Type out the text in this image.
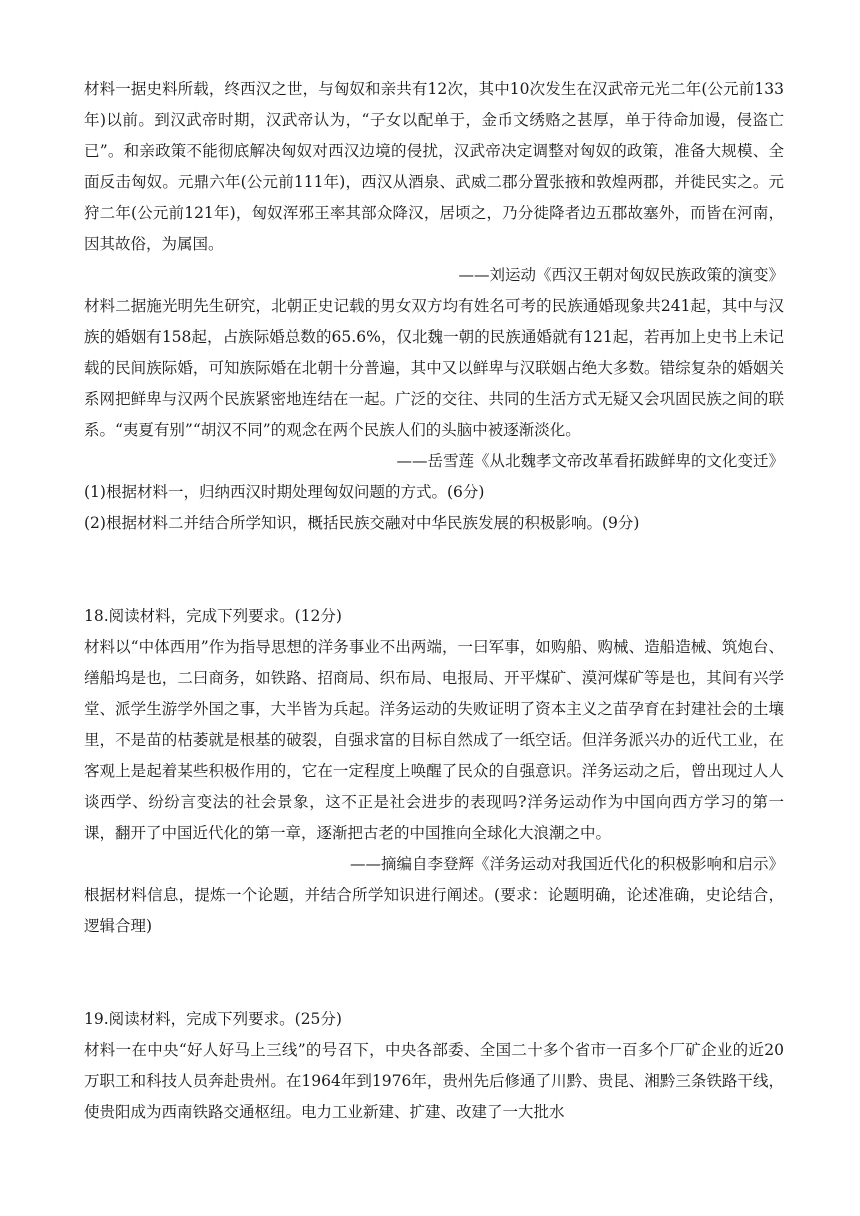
材料一据史料所载，终西汉之世，与匈奴和亲共有12次，其中10次发生在汉武帝元光二年(公元前133年)以前。到汉武帝时期，汉武帝认为，“子女以配单于，金币文绣赂之甚厚，单于待命加谩，侵盗亡已”。和亲政策不能彻底解决匈奴对西汉边境的侵扰，汉武帝决定调整对匈奴的政策，准备大规模、全面反击匈奴。元鼎六年(公元前111年)，西汉从酒泉、武威二郡分置张掖和敦煌两郡，并徙民实之。元狩二年(公元前121年)，匈奴浑邪王率其部众降汉，居顷之，乃分徙降者边五郡故塞外，而皆在河南，因其故俗，为属国。

——刘运动《西汉王朝对匈奴民族政策的演变》

材料二据施光明先生研究，北朝正史记载的男女双方均有姓名可考的民族通婚现象共241起，其中与汉族的婚姻有158起，占族际婚总数的65.6%，仅北魏一朝的民族通婚就有121起，若再加上史书上未记载的民间族际婚，可知族际婚在北朝十分普遍，其中又以鲜卑与汉联姻占绝大多数。错综复杂的婚姻关系网把鲜卑与汉两个民族紧密地连结在一起。广泛的交往、共同的生活方式无疑又会巩固民族之间的联系。“夷夏有别”“胡汉不同”的观念在两个民族人们的头脑中被逐渐淡化。

——岳雪莲《从北魏孝文帝改革看拓跋鲜卑的文化变迁》

(1)根据材料一，归纳西汉时期处理匈奴问题的方式。(6分)

(2)根据材料二并结合所学知识，概括民族交融对中华民族发展的积极影响。(9分)

18.阅读材料，完成下列要求。(12分)

材料以“中体西用”作为指导思想的洋务事业不出两端，一曰军事，如购船、购械、造船造械、筑炮台、缮船坞是也，二曰商务，如铁路、招商局、织布局、电报局、开平煤矿、漠河煤矿等是也，其间有兴学堂、派学生游学外国之事，大半皆为兵起。洋务运动的失败证明了资本主义之苗孕育在封建社会的土壤里，不是苗的枯萎就是根基的破裂，自强求富的目标自然成了一纸空话。但洋务派兴办的近代工业，在客观上是起着某些积极作用的，它在一定程度上唤醒了民众的自强意识。洋务运动之后，曾出现过人人谈西学、纷纷言变法的社会景象，这不正是社会进步的表现吗?洋务运动作为中国向西方学习的第一课，翻开了中国近代化的第一章，逐渐把古老的中国推向全球化大浪潮之中。

——摘编自李登辉《洋务运动对我国近代化的积极影响和启示》

根据材料信息，提炼一个论题，并结合所学知识进行阐述。(要求：论题明确，论述准确，史论结合，逻辑合理)

19.阅读材料，完成下列要求。(25分)

材料一在中央“好人好马上三线”的号召下，中央各部委、全国二十多个省市一百多个厂矿企业的近20万职工和科技人员奔赴贵州。在1964年到1976年，贵州先后修通了川黔、贵昆、湘黔三条铁路干线，使贵阳成为西南铁路交通枢纽。电力工业新建、扩建、改建了一大批水
